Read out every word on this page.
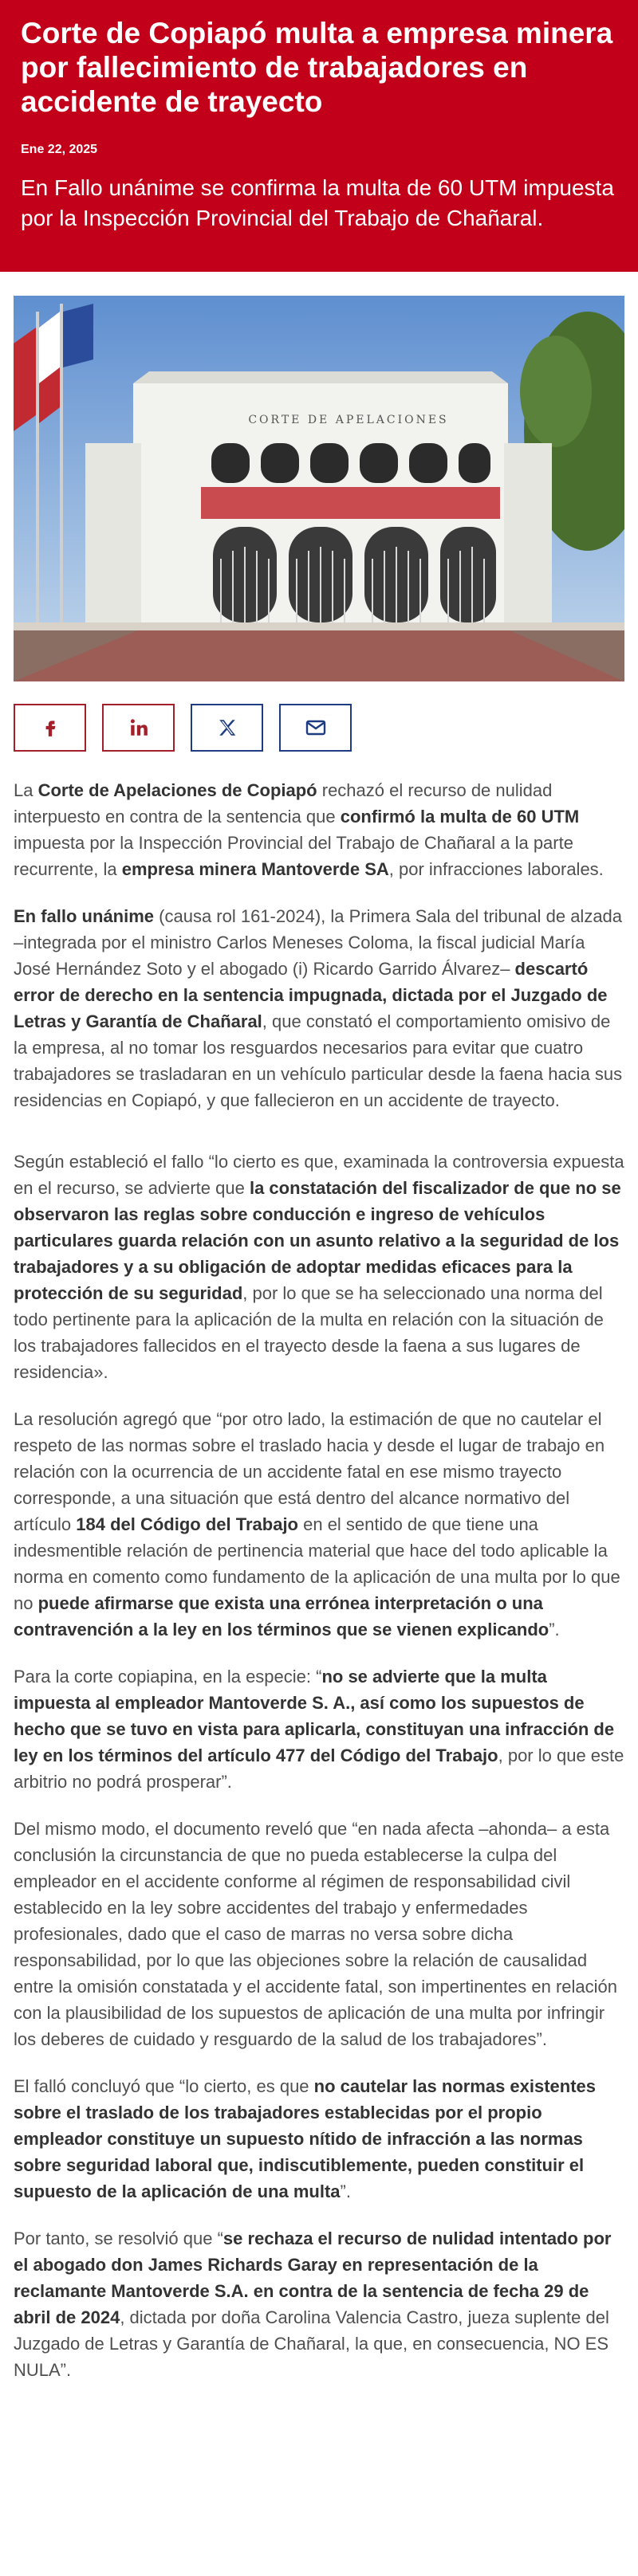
Corte de Copiapó multa a empresa minera por fallecimiento de trabajadores en accidente de trayecto
Ene 22, 2025
En Fallo unánime se confirma la multa de 60 UTM impuesta por la Inspección Provincial del Trabajo de Chañaral.
CORTE DE APELACIONES

La Corte de Apelaciones de Copiapó rechazó el recurso de nulidad interpuesto en contra de la sentencia que confirmó la multa de 60 UTM impuesta por la Inspección Provincial del Trabajo de Chañaral a la parte recurrente, la empresa minera Mantoverde SA, por infracciones laborales.

En fallo unánime (causa rol 161-2024), la Primera Sala del tribunal de alzada –integrada por el ministro Carlos Meneses Coloma, la fiscal judicial María José Hernández Soto y el abogado (i) Ricardo Garrido Álvarez– descartó error de derecho en la sentencia impugnada, dictada por el Juzgado de Letras y Garantía de Chañaral, que constató el comportamiento omisivo de la empresa, al no tomar los resguardos necesarios para evitar que cuatro trabajadores se trasladaran en un vehículo particular desde la faena hacia sus residencias en Copiapó, y que fallecieron en un accidente de trayecto.

Según estableció el fallo “lo cierto es que, examinada la controversia expuesta en el recurso, se advierte que la constatación del fiscalizador de que no se observaron las reglas sobre conducción e ingreso de vehículos particulares guarda relación con un asunto relativo a la seguridad de los trabajadores y a su obligación de adoptar medidas eficaces para la protección de su seguridad, por lo que se ha seleccionado una norma del todo pertinente para la aplicación de la multa en relación con la situación de los trabajadores fallecidos en el trayecto desde la faena a sus lugares de residencia».

La resolución agregó que “por otro lado, la estimación de que no cautelar el respeto de las normas sobre el traslado hacia y desde el lugar de trabajo en relación con la ocurrencia de un accidente fatal en ese mismo trayecto corresponde, a una situación que está dentro del alcance normativo del artículo 184 del Código del Trabajo en el sentido de que tiene una indesmentible relación de pertinencia material que hace del todo aplicable la norma en comento como fundamento de la aplicación de una multa por lo que no puede afirmarse que exista una errónea interpretación o una contravención a la ley en los términos que se vienen explicando”.

Para la corte copiapina, en la especie: “no se advierte que la multa impuesta al empleador Mantoverde S. A., así como los supuestos de hecho que se tuvo en vista para aplicarla, constituyan una infracción de ley en los términos del artículo 477 del Código del Trabajo, por lo que este arbitrio no podrá prosperar”.

Del mismo modo, el documento reveló que “en nada afecta –ahonda– a esta conclusión la circunstancia de que no pueda establecerse la culpa del empleador en el accidente conforme al régimen de responsabilidad civil establecido en la ley sobre accidentes del trabajo y enfermedades profesionales, dado que el caso de marras no versa sobre dicha responsabilidad, por lo que las objeciones sobre la relación de causalidad entre la omisión constatada y el accidente fatal, son impertinentes en relación con la plausibilidad de los supuestos de aplicación de una multa por infringir los deberes de cuidado y resguardo de la salud de los trabajadores”.

El falló concluyó que “lo cierto, es que no cautelar las normas existentes sobre el traslado de los trabajadores establecidas por el propio empleador constituye un supuesto nítido de infracción a las normas sobre seguridad laboral que, indiscutiblemente, pueden constituir el supuesto de la aplicación de una multa”.

Por tanto, se resolvió que “se rechaza el recurso de nulidad intentado por el abogado don James Richards Garay en representación de la reclamante Mantoverde S.A. en contra de la sentencia de fecha 29 de abril de 2024, dictada por doña Carolina Valencia Castro, jueza suplente del Juzgado de Letras y Garantía de Chañaral, la que, en consecuencia, NO ES NULA”.
